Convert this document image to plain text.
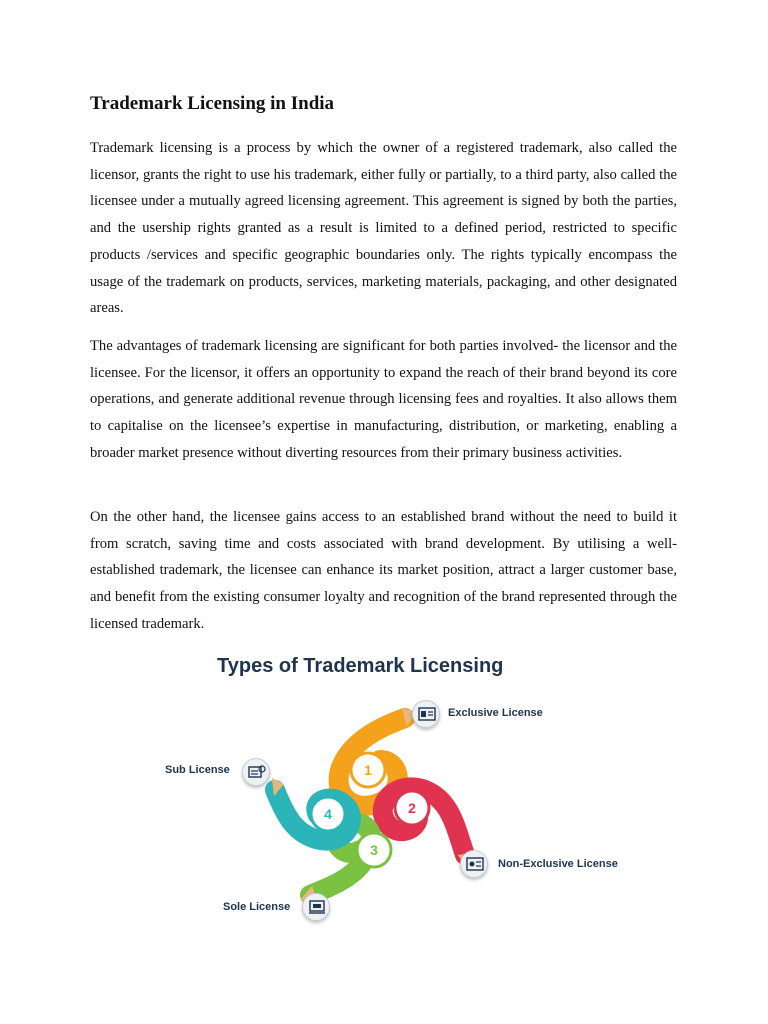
Trademark Licensing in India

Trademark licensing is a process by which the owner of a registered trademark, also called the licensor, grants the right to use his trademark, either fully or partially, to a third party, also called the licensee under a mutually agreed licensing agreement. This agreement is signed by both the parties, and the usership rights granted as a result is limited to a defined period, restricted to specific products /services and specific geographic boundaries only. The rights typically encompass the usage of the trademark on products, services, marketing materials, packaging, and other designated areas.

The advantages of trademark licensing are significant for both parties involved- the licensor and the licensee. For the licensor, it offers an opportunity to expand the reach of their brand beyond its core operations, and generate additional revenue through licensing fees and royalties. It also allows them to capitalise on the licensee’s expertise in manufacturing, distribution, or marketing, enabling a broader market presence without diverting resources from their primary business activities.

On the other hand, the licensee gains access to an established brand without the need to build it from scratch, saving time and costs associated with brand development. By utilising a well-established trademark, the licensee can enhance its market position, attract a larger customer base, and benefit from the existing consumer loyalty and recognition of the brand represented through the licensed trademark.

Types of Trademark Licensing
1
2
3
4
Exclusive License
Sub License
Non-Exclusive License
Sole License
